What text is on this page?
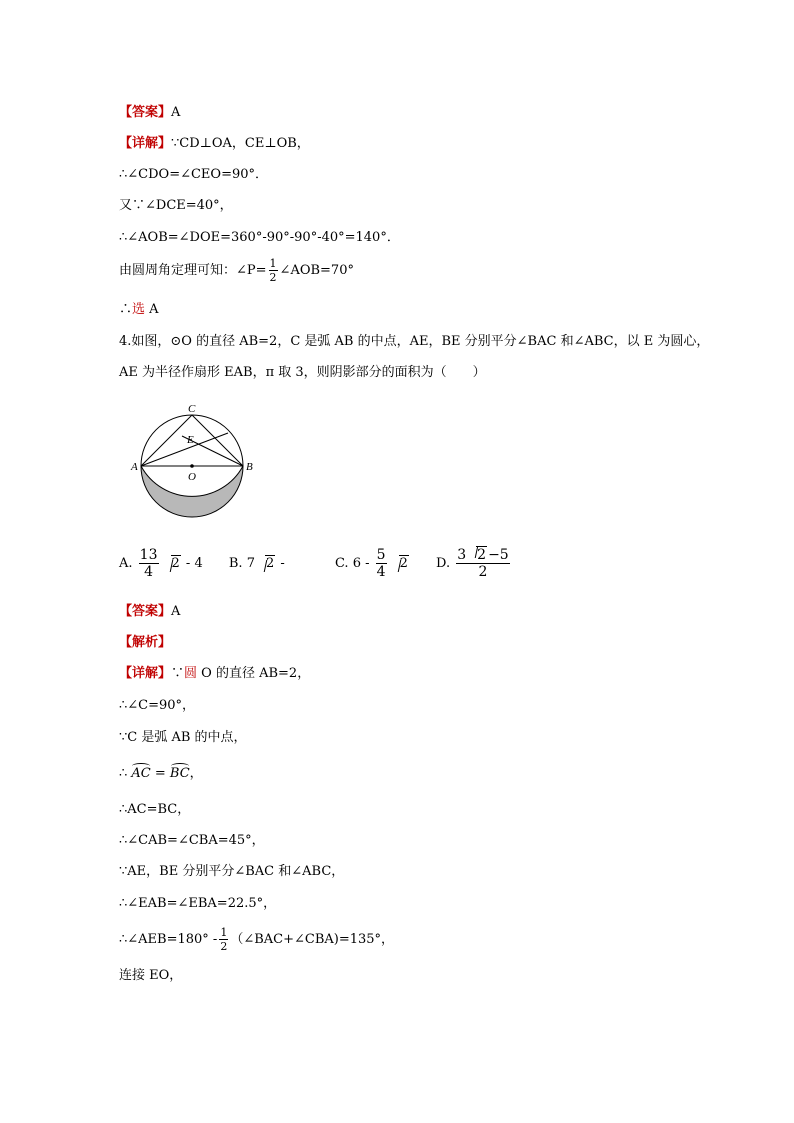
【答案】A
【详解】∵CD⊥OA，CE⊥OB，
∴∠CDO=∠CEO=90°．
又∵∠DCE=40°，
∴∠AOB=∠DOE=360°-90°-90°-40°=140°．
由圆周角定理可知：∠P= $\frac{1}{2}$ ∠AOB=70°
∴选 A
4.如图，⊙O 的直径 AB=2，C 是弧 AB 的中点，AE，BE 分别平分∠BAC 和∠ABC，以 E 为圆心，
AE 为半径作扇形 EAB，π 取 3，则阴影部分的面积为（　　）
C
E
A
O
B
A. $\frac{13}{4} 2 - 4$ B. 7 2 -	C. $6 - \frac{5}{4} 2$ D. $\frac{3 2 -5}{2}$
【答案】A
【解析】
【详解】∵圆 O 的直径 AB=2，
∴∠C=90°，
∵C 是弧 AB 的中点，
∴ AC = BC，
∴AC=BC，
∴∠CAB=∠CBA=45°，
∵AE，BE 分别平分∠BAC 和∠ABC，
∴∠EAB=∠EBA=22.5°，
∴∠AEB=180° - $\frac{1}{2}$ （∠BAC+∠CBA)=135°，
连接 EO，
